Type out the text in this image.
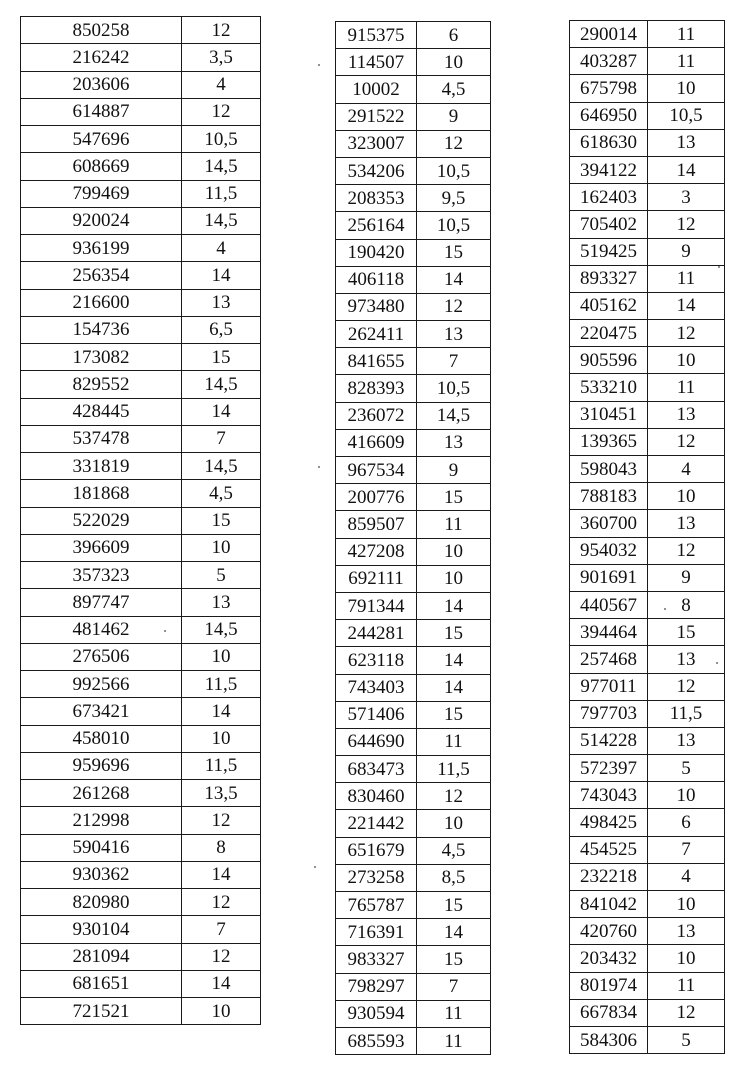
850258	12
216242	3,5
203606	4
614887	12
547696	10,5
608669	14,5
799469	11,5
920024	14,5
936199	4
256354	14
216600	13
154736	6,5
173082	15
829552	14,5
428445	14
537478	7
331819	14,5
181868	4,5
522029	15
396609	10
357323	5
897747	13
481462	14,5
276506	10
992566	11,5
673421	14
458010	10
959696	11,5
261268	13,5
212998	12
590416	8
930362	14
820980	12
930104	7
281094	12
681651	14
721521	10
915375	6
114507	10
10002	4,5
291522	9
323007	12
534206	10,5
208353	9,5
256164	10,5
190420	15
406118	14
973480	12
262411	13
841655	7
828393	10,5
236072	14,5
416609	13
967534	9
200776	15
859507	11
427208	10
692111	10
791344	14
244281	15
623118	14
743403	14
571406	15
644690	11
683473	11,5
830460	12
221442	10
651679	4,5
273258	8,5
765787	15
716391	14
983327	15
798297	7
930594	11
685593	11
290014	11
403287	11
675798	10
646950	10,5
618630	13
394122	14
162403	3
705402	12
519425	9
893327	11
405162	14
220475	12
905596	10
533210	11
310451	13
139365	12
598043	4
788183	10
360700	13
954032	12
901691	9
440567	8
394464	15
257468	13
977011	12
797703	11,5
514228	13
572397	5
743043	10
498425	6
454525	7
232218	4
841042	10
420760	13
203432	10
801974	11
667834	12
584306	5
